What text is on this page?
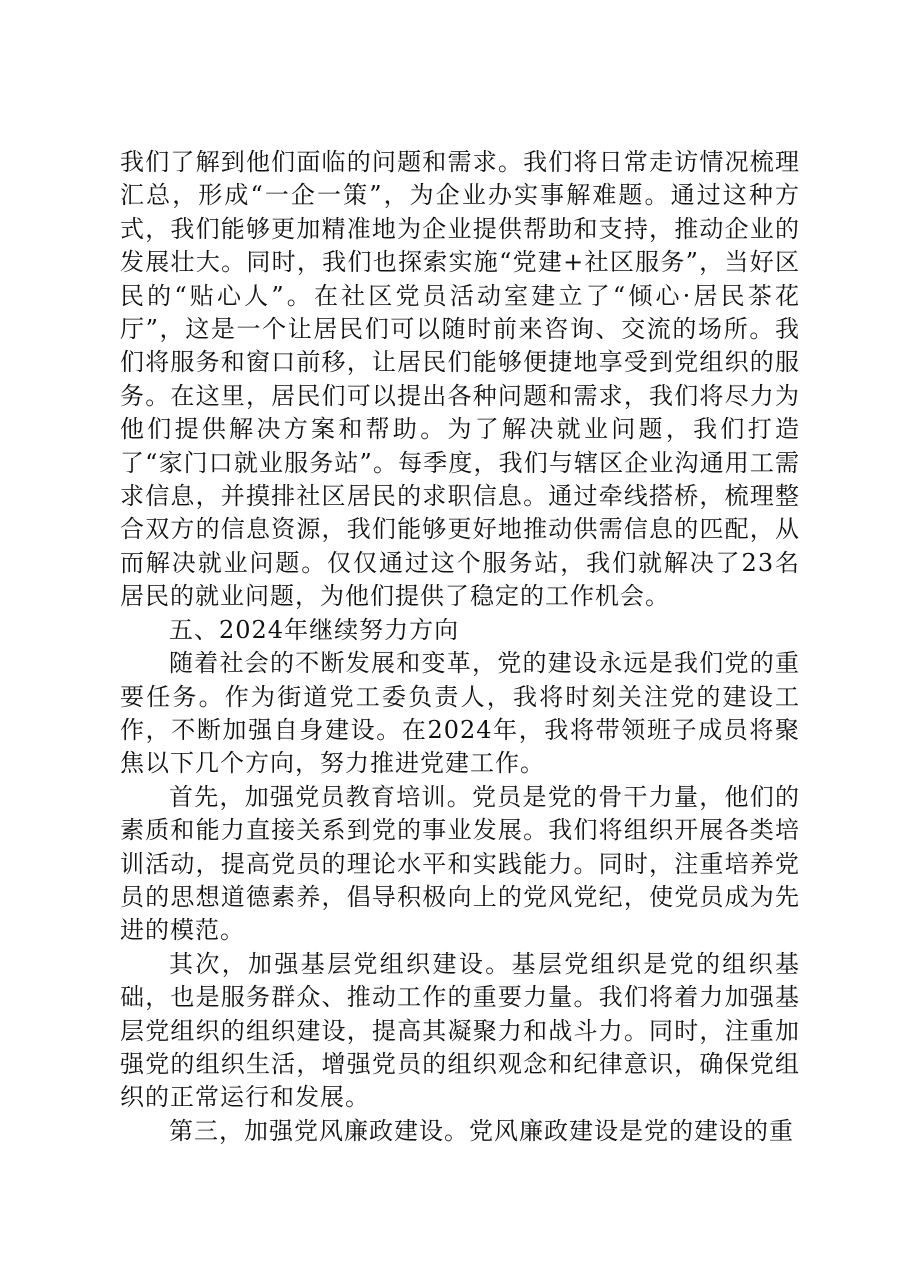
我们了解到他们面临的问题和需求。我们将日常走访情况梳理汇总，形成“一企一策”，为企业办实事解难题。通过这种方式，我们能够更加精准地为企业提供帮助和支持，推动企业的发展壮大。同时，我们也探索实施“党建+社区服务”，当好区民的“贴心人”。在社区党员活动室建立了“倾心·居民茶花厅”，这是一个让居民们可以随时前来咨询、交流的场所。我们将服务和窗口前移，让居民们能够便捷地享受到党组织的服务。在这里，居民们可以提出各种问题和需求，我们将尽力为他们提供解决方案和帮助。为了解决就业问题，我们打造了“家门口就业服务站”。每季度，我们与辖区企业沟通用工需求信息，并摸排社区居民的求职信息。通过牵线搭桥，梳理整合双方的信息资源，我们能够更好地推动供需信息的匹配，从而解决就业问题。仅仅通过这个服务站，我们就解决了23名居民的就业问题，为他们提供了稳定的工作机会。

五、2024年继续努力方向

随着社会的不断发展和变革，党的建设永远是我们党的重要任务。作为街道党工委负责人，我将时刻关注党的建设工作，不断加强自身建设。在2024年，我将带领班子成员将聚焦以下几个方向，努力推进党建工作。

首先，加强党员教育培训。党员是党的骨干力量，他们的素质和能力直接关系到党的事业发展。我们将组织开展各类培训活动，提高党员的理论水平和实践能力。同时，注重培养党员的思想道德素养，倡导积极向上的党风党纪，使党员成为先进的模范。

其次，加强基层党组织建设。基层党组织是党的组织基础，也是服务群众、推动工作的重要力量。我们将着力加强基层党组织的组织建设，提高其凝聚力和战斗力。同时，注重加强党的组织生活，增强党员的组织观念和纪律意识，确保党组织的正常运行和发展。

第三，加强党风廉政建设。党风廉政建设是党的建设的重
